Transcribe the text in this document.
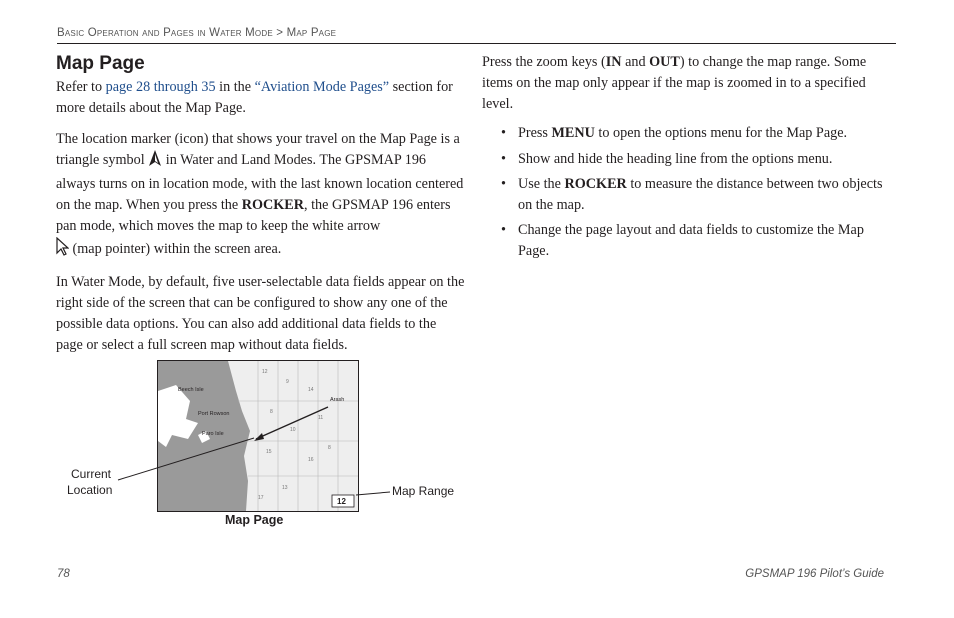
Basic Operation and Pages in Water Mode > Map Page
Map Page

Refer to page 28 through 35 in the “Aviation Mode Pages” section for more details about the Map Page.

The location marker (icon) that shows your travel on the Map Page is a triangle symbol  in Water and Land Modes. The GPSMAP 196 always turns on in location mode, with the last known location centered on the map. When you press the ROCKER, the GPSMAP 196 enters pan mode, which moves the map to keep the white arrow
(map pointer) within the screen area.

In Water Mode, by default, five user-selectable data fields appear on the right side of the screen that can be configured to show any one of the possible data options. You can also add additional data fields to the page or select a full screen map without data fields.

Press the zoom keys (IN and OUT) to change the map range. Some items on the map only appear if the map is zoomed in to a specified level.

• Press MENU to open the options menu for the Map Page.
• Show and hide the heading line from the options menu.
• Use the ROCKER to measure the distance between two objects on the map.
• Change the page layout and data fields to customize the Map Page.
12
9
14
8
11
10
15
16
13
8
17
Beech Isle
Port Rowson
Paro Isle
Arash
12
Current
Location	Map Range
Map Page
78	GPSMAP 196 Pilot’s Guide
